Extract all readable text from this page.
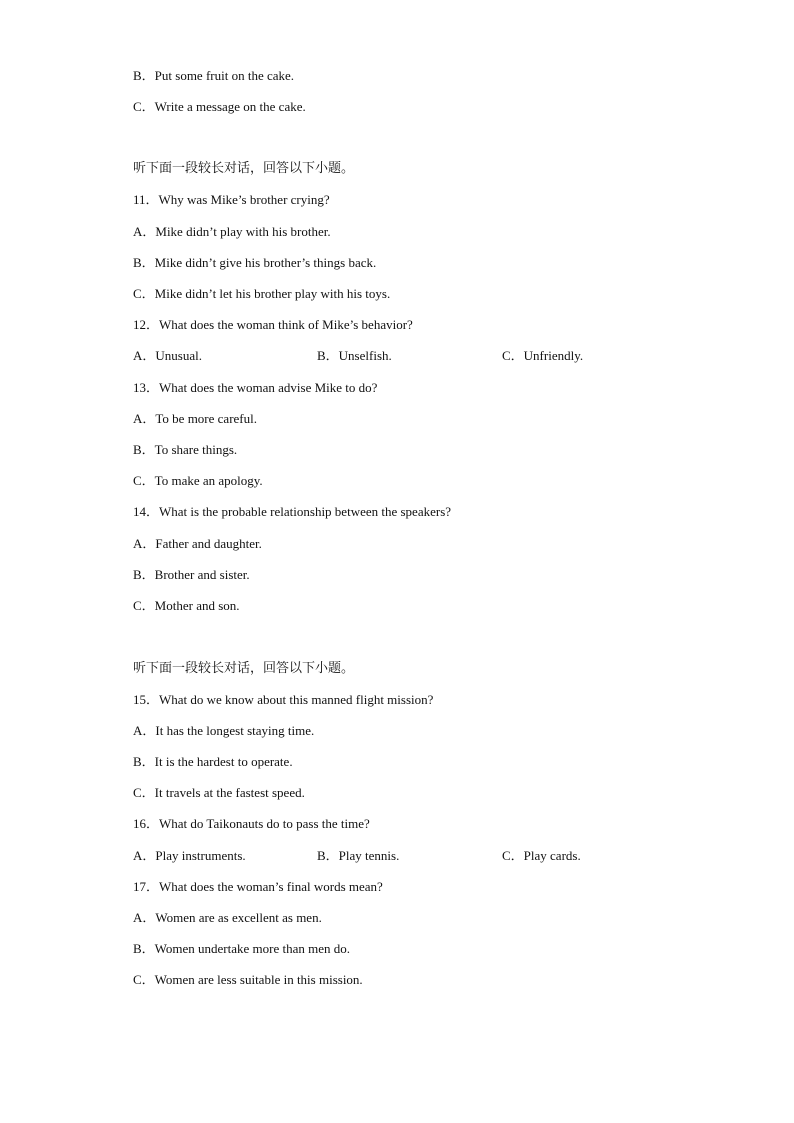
B．Put some fruit on the cake.
C．Write a message on the cake.
听下面一段较长对话，回答以下小题。
11．Why was Mike’s brother crying?
A．Mike didn’t play with his brother.
B．Mike didn’t give his brother’s things back.
C．Mike didn’t let his brother play with his toys.
12．What does the woman think of Mike’s behavior?
A．Unusual.	B．Unselfish.	C．Unfriendly.
13．What does the woman advise Mike to do?
A．To be more careful.
B．To share things.
C．To make an apology.
14．What is the probable relationship between the speakers?
A．Father and daughter.
B．Brother and sister.
C．Mother and son.
听下面一段较长对话，回答以下小题。
15．What do we know about this manned flight mission?
A．It has the longest staying time.
B．It is the hardest to operate.
C．It travels at the fastest speed.
16．What do Taikonauts do to pass the time?
A．Play instruments.	B．Play tennis.	C．Play cards.
17．What does the woman’s final words mean?
A．Women are as excellent as men.
B．Women undertake more than men do.
C．Women are less suitable in this mission.
